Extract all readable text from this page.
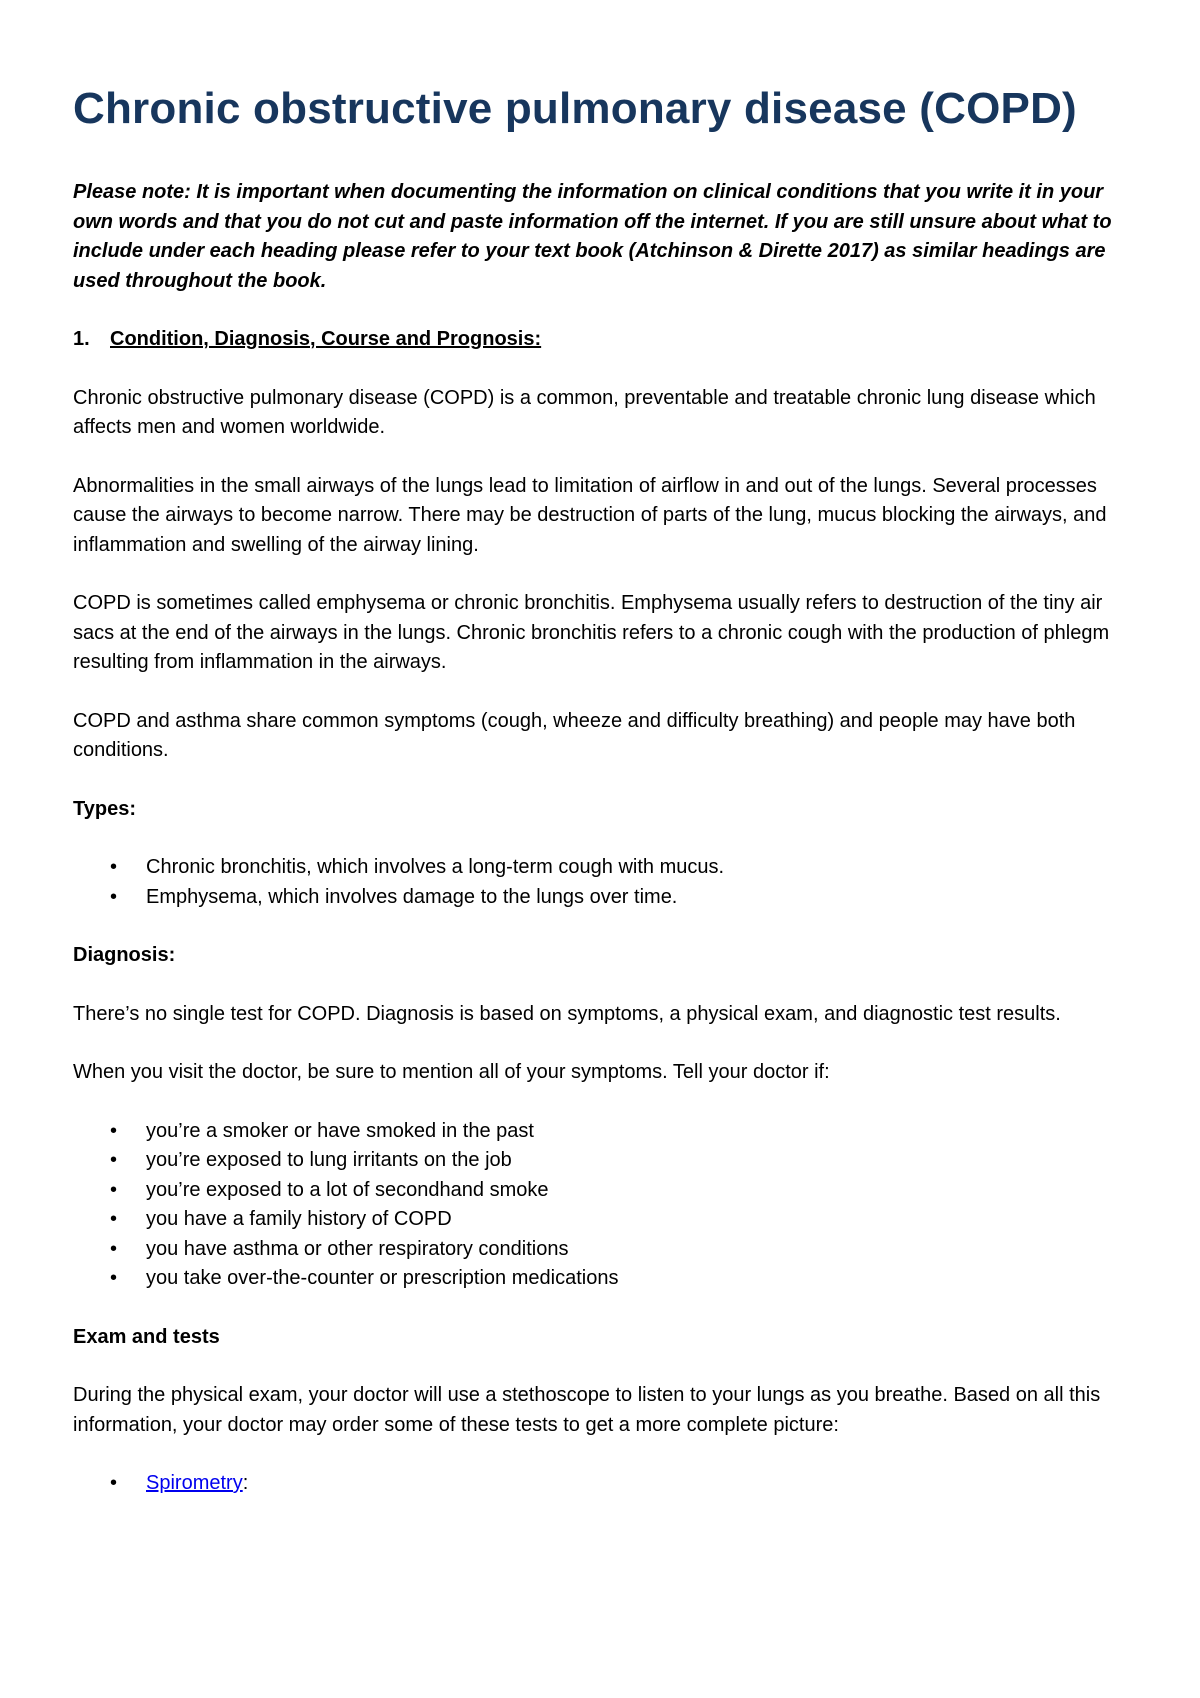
Chronic obstructive pulmonary disease (COPD)
Please note: It is important when documenting the information on clinical conditions that you write it in your own words and that you do not cut and paste information off the internet. If you are still unsure about what to include under each heading please refer to your text book (Atchinson & Dirette 2017) as similar headings are used throughout the book.
1.	Condition, Diagnosis, Course and Prognosis:

Chronic obstructive pulmonary disease (COPD) is a common, preventable and treatable chronic lung disease which affects men and women worldwide.

Abnormalities in the small airways of the lungs lead to limitation of airflow in and out of the lungs. Several processes cause the airways to become narrow. There may be destruction of parts of the lung, mucus blocking the airways, and inflammation and swelling of the airway lining.

COPD is sometimes called emphysema or chronic bronchitis. Emphysema usually refers to destruction of the tiny air sacs at the end of the airways in the lungs. Chronic bronchitis refers to a chronic cough with the production of phlegm resulting from inflammation in the airways.

COPD and asthma share common symptoms (cough, wheeze and difficulty breathing) and people may have both conditions.

Types:
• Chronic bronchitis, which involves a long-term cough with mucus.
• Emphysema, which involves damage to the lungs over time.
Diagnosis:

There’s no single test for COPD. Diagnosis is based on symptoms, a physical exam, and diagnostic test results.

When you visit the doctor, be sure to mention all of your symptoms. Tell your doctor if:

• you’re a smoker or have smoked in the past
• you’re exposed to lung irritants on the job
• you’re exposed to a lot of secondhand smoke
• you have a family history of COPD
• you have asthma or other respiratory conditions
• you take over-the-counter or prescription medications
Exam and tests

During the physical exam, your doctor will use a stethoscope to listen to your lungs as you breathe. Based on all this information, your doctor may order some of these tests to get a more complete picture:

• Spirometry:
